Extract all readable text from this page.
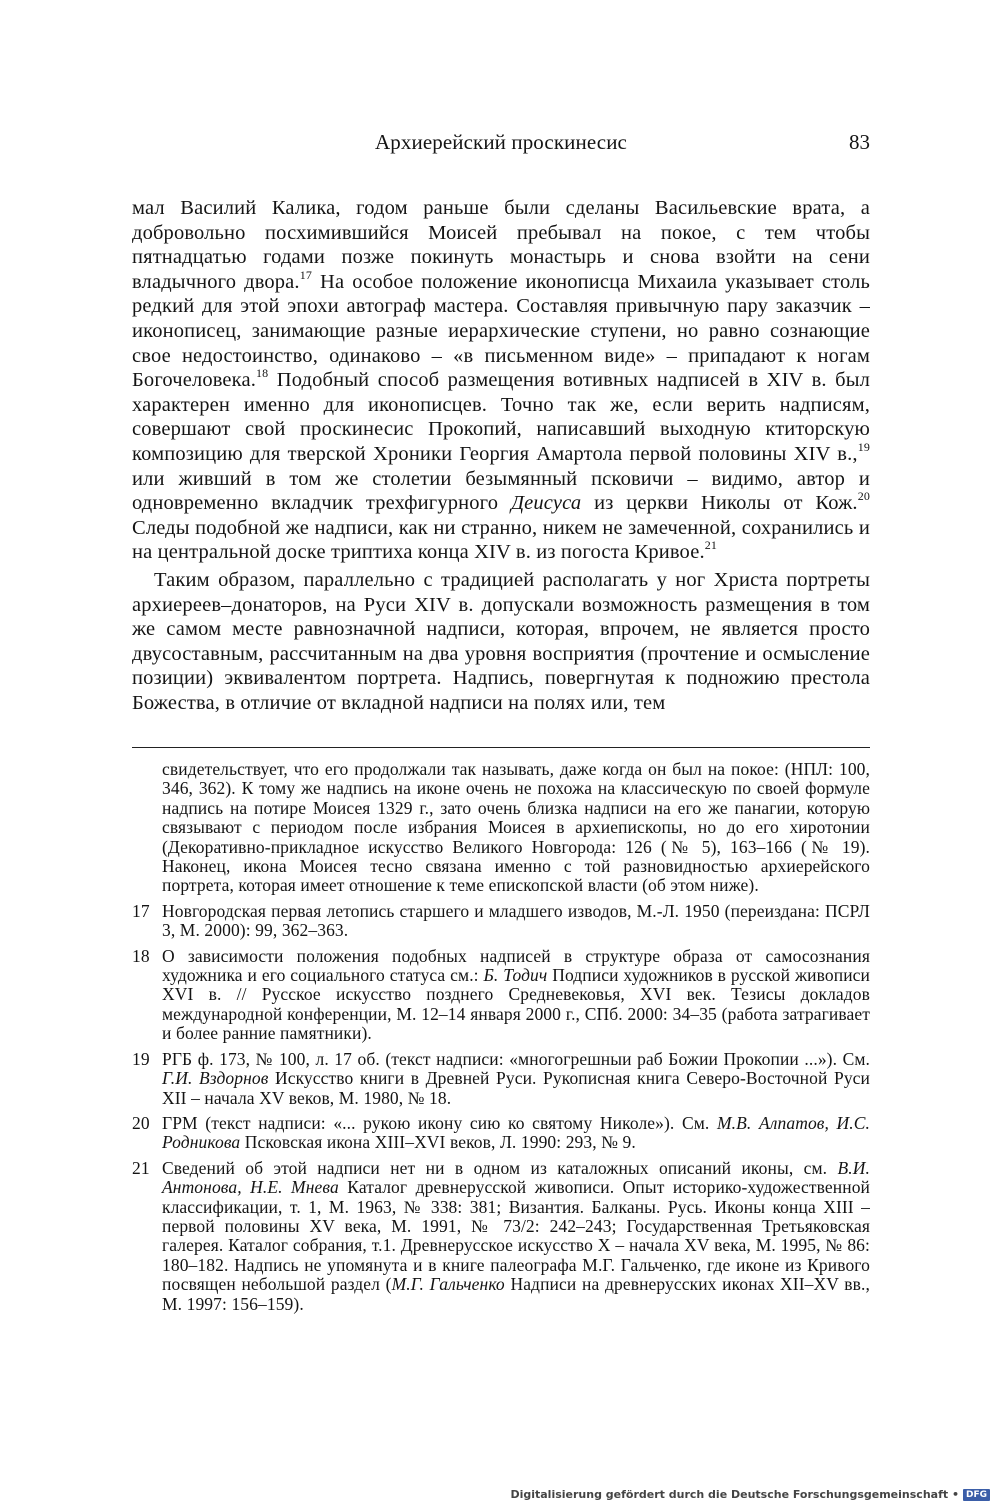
Архиерейский проскинесис	83

мал Василий Калика, годом раньше были сделаны Васильевские врата, а добровольно посхимившийся Моисей пребывал на покое, с тем чтобы пятнадцатью годами позже покинуть монастырь и снова взойти на сени владычного двора.$^{17}$ На особое положение иконописца Михаила указывает столь редкий для этой эпохи автограф мастера. Составляя привычную пару заказчик – иконописец, занимающие разные иерархические ступени, но равно сознающие свое недостоинство, одинаково – «в письменном виде» – припадают к ногам Богочеловека.$^{18}$ Подобный способ размещения вотивных надписей в XIV в. был характерен именно для иконописцев. Точно так же, если верить надписям, совершают свой проскинесис Прокопий, написавший выходную ктиторскую композицию для тверской Хроники Георгия Амартола первой половины XIV в.,$^{19}$ или живший в том же столетии безымянный псковичи – видимо, автор и одновременно вкладчик трехфигурного Деисуса из церкви Николы от Кож.$^{20}$ Следы подобной же надписи, как ни странно, никем не замеченной, сохранились и на центральной доске триптиха конца XIV в. из погоста Кривое.$^{21}$

Таким образом, параллельно с традицией располагать у ног Христа портреты архиереев–донаторов, на Руси XIV в. допускали возможность размещения в том же самом месте равнозначной надписи, которая, впрочем, не является просто двусоставным, рассчитанным на два уровня восприятия (прочтение и осмысление позиции) эквивалентом портрета. Надпись, повергнутая к подножию престола Божества, в отличие от вкладной надписи на полях или, тем

свидетельствует, что его продолжали так называть, даже когда он был на покое: (НПЛ: 100, 346, 362). К тому же надпись на иконе очень не похожа на классическую по своей формуле надпись на потире Моисея 1329 г., зато очень близка надписи на его же панагии, которую связывают с периодом после избрания Моисея в архиепископы, но до его хиротонии (Декоративно-прикладное искусство Великого Новгорода: 126 (№ 5), 163–166 (№ 19). Наконец, икона Моисея тесно связана именно с той разновидностью архиерейского портрета, которая имеет отношение к теме епископской власти (об этом ниже).

17 Новгородская первая летопись старшего и младшего изводов, М.-Л. 1950 (переиздана: ПСРЛ 3, М. 2000): 99, 362–363.

18 О зависимости положения подобных надписей в структуре образа от самосознания художника и его социального статуса см.: Б. Тодич Подписи художников в русской живописи XVI в. // Русское искусство позднего Средневековья, XVI век. Тезисы докладов международной конференции, М. 12–14 января 2000 г., СПб. 2000: 34–35 (работа затрагивает и более ранние памятники).

19 РГБ ф. 173, № 100, л. 17 об. (текст надписи: «многогрешныи раб Божии Прокопии ...»). См. Г.И. Вздорнов Искусство книги в Древней Руси. Рукописная книга Северо-Восточной Руси XII – начала XV веков, М. 1980, № 18.

20 ГРМ (текст надписи: «... рукою икону сию ко святому Николе»). См. М.В. Алпатов, И.С. Родникова Псковская икона XIII–XVI веков, Л. 1990: 293, № 9.

21 Сведений об этой надписи нет ни в одном из каталожных описаний иконы, см. В.И. Антонова, Н.Е. Мнева Каталог древнерусской живописи. Опыт историко-художественной классификации, т. 1, М. 1963, № 338: 381; Византия. Балканы. Русь. Иконы конца XIII – первой половины XV века, М. 1991, № 73/2: 242–243; Государственная Третьяковская галерея. Каталог собрания, т.1. Древнерусское искусство X – начала XV века, М. 1995, № 86: 180–182. Надпись не упомянута и в книге палеографа М.Г. Гальченко, где иконе из Кривого посвящен небольшой раздел (М.Г. Гальченко Надписи на древнерусских иконах XII–XV вв., М. 1997: 156–159).

Digitalisierung gefördert durch die Deutsche Forschungsgemeinschaft • DFG
